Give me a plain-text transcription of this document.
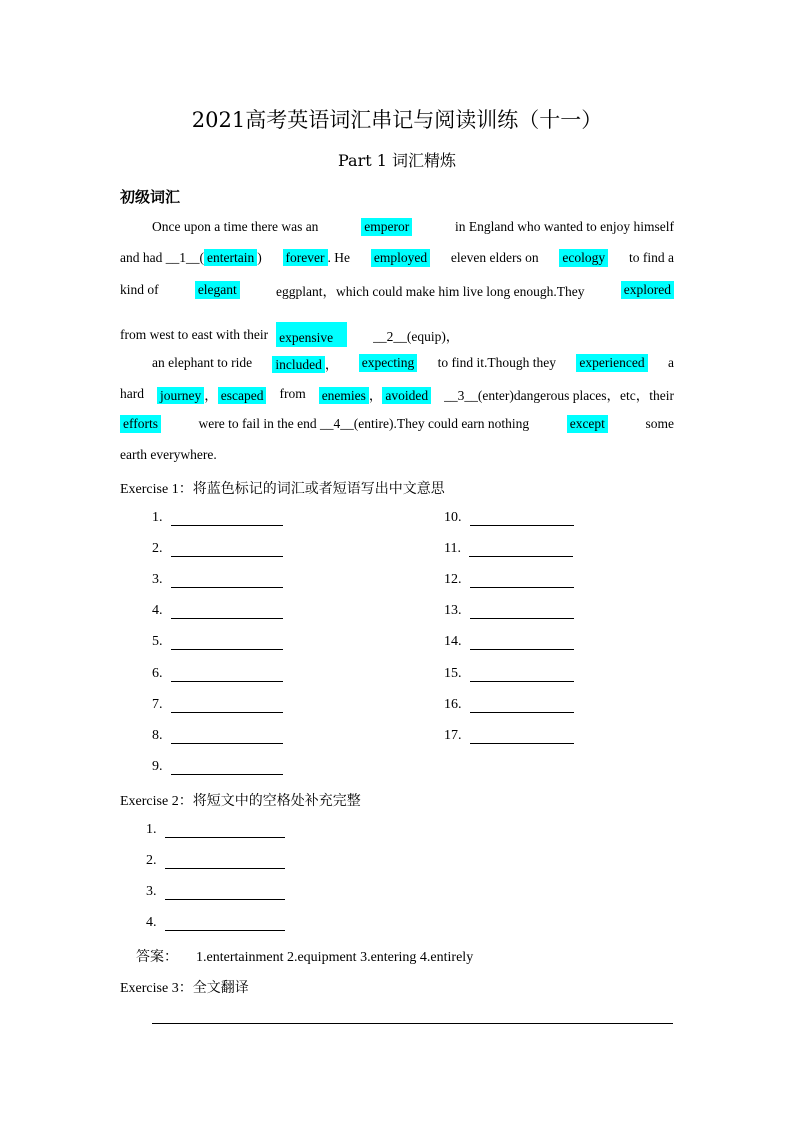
2021高考英语词汇串记与阅读训练（十一）
Part 1 词汇精炼
初级词汇
Once upon a time there was an	emperor	in England who wanted to enjoy himself
and had __1__( entertain ) forever . He employed eleven elders on ecology to find a
kind of	elegant	eggplant，which could make him live long enough.They	explored
from west to east with their expensive	__2__(equip)，
an elephant to ride included ， expecting to find it.Though they experienced a
hard journey ， escaped from enemies ， avoided __3__(enter)dangerous places，etc，their
efforts	were to fail in the end __4__(entire).They could earn nothing	except	some
earth everywhere.
Exercise 1：将蓝色标记的词汇或者短语写出中文意思
1.
2.
3.
4.
5.
6.
7.
8.
9.
10.
11.
12.
13.
14.
15.
16.
17.
Exercise 2：将短文中的空格处补充完整
1.
2.
3.
4.
答案： 1.entertainment 2.equipment 3.entering 4.entirely
Exercise 3：全文翻译
